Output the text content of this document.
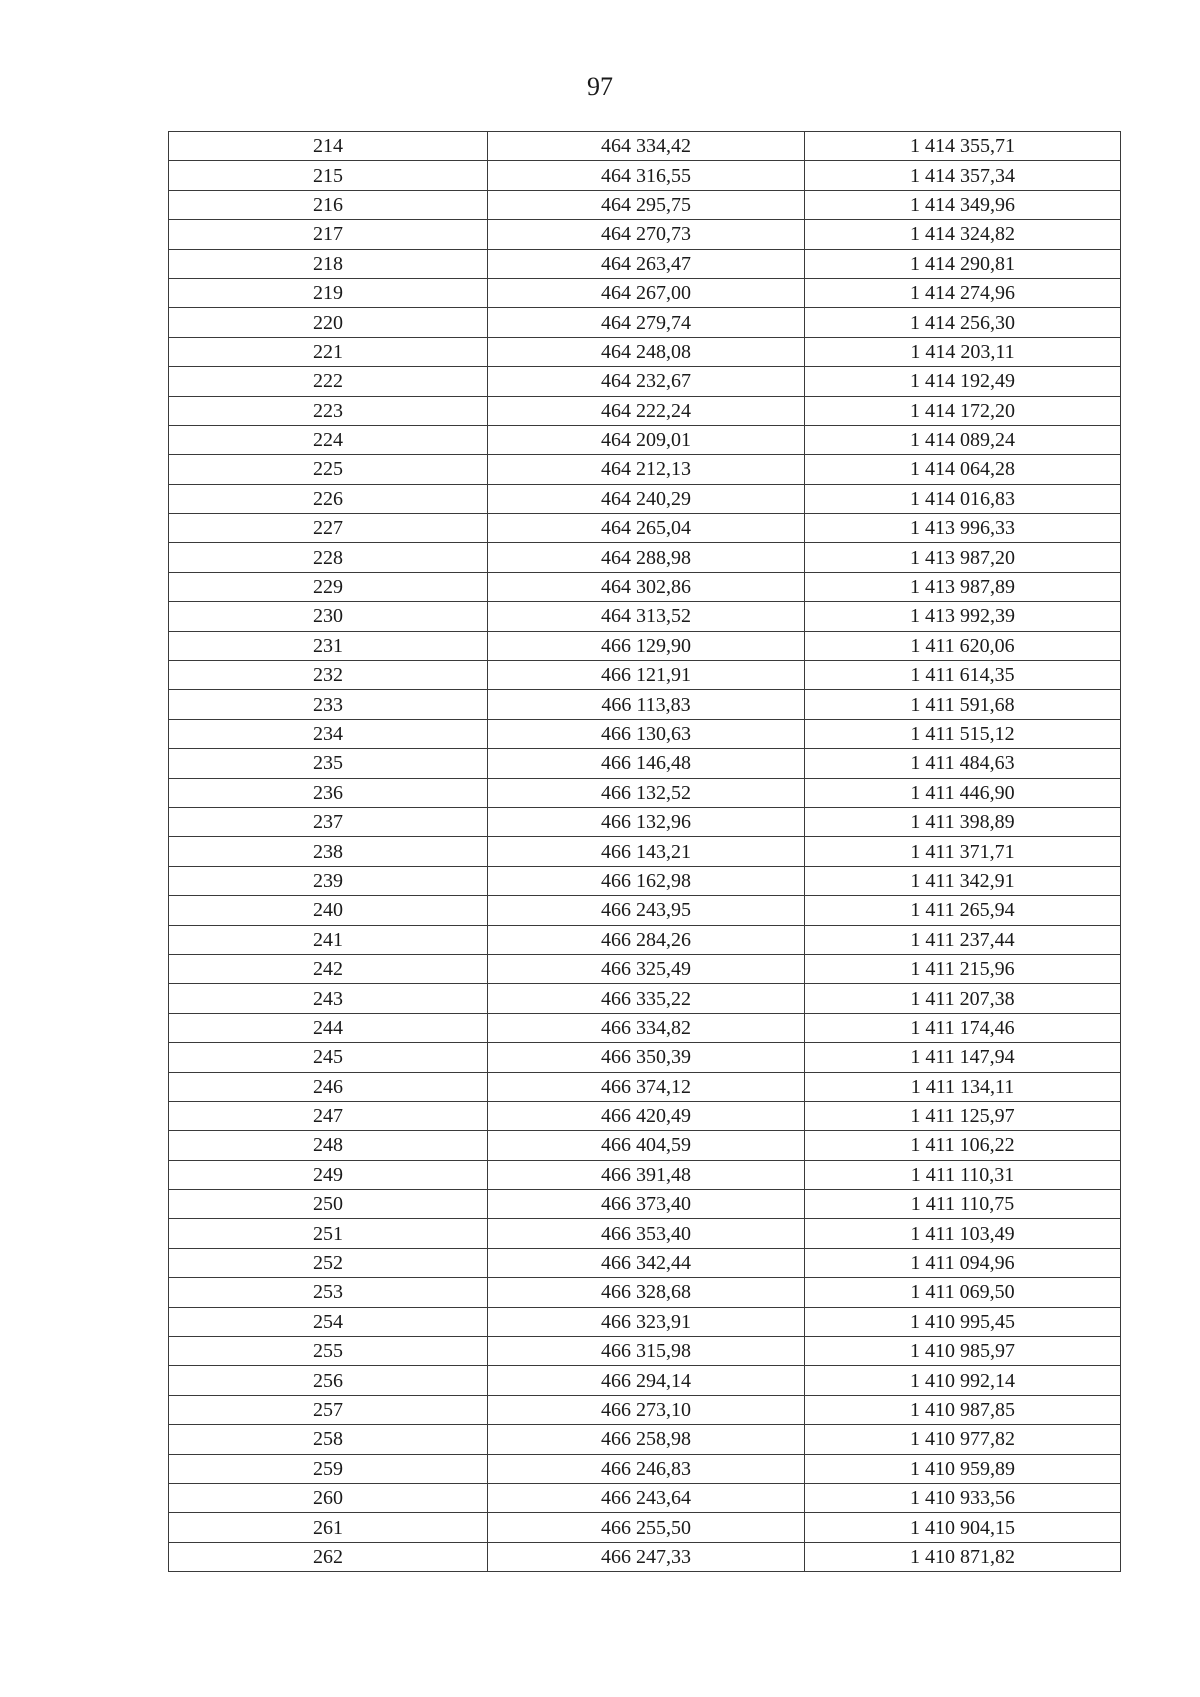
97
214	464 334,42	1 414 355,71
215	464 316,55	1 414 357,34
216	464 295,75	1 414 349,96
217	464 270,73	1 414 324,82
218	464 263,47	1 414 290,81
219	464 267,00	1 414 274,96
220	464 279,74	1 414 256,30
221	464 248,08	1 414 203,11
222	464 232,67	1 414 192,49
223	464 222,24	1 414 172,20
224	464 209,01	1 414 089,24
225	464 212,13	1 414 064,28
226	464 240,29	1 414 016,83
227	464 265,04	1 413 996,33
228	464 288,98	1 413 987,20
229	464 302,86	1 413 987,89
230	464 313,52	1 413 992,39
231	466 129,90	1 411 620,06
232	466 121,91	1 411 614,35
233	466 113,83	1 411 591,68
234	466 130,63	1 411 515,12
235	466 146,48	1 411 484,63
236	466 132,52	1 411 446,90
237	466 132,96	1 411 398,89
238	466 143,21	1 411 371,71
239	466 162,98	1 411 342,91
240	466 243,95	1 411 265,94
241	466 284,26	1 411 237,44
242	466 325,49	1 411 215,96
243	466 335,22	1 411 207,38
244	466 334,82	1 411 174,46
245	466 350,39	1 411 147,94
246	466 374,12	1 411 134,11
247	466 420,49	1 411 125,97
248	466 404,59	1 411 106,22
249	466 391,48	1 411 110,31
250	466 373,40	1 411 110,75
251	466 353,40	1 411 103,49
252	466 342,44	1 411 094,96
253	466 328,68	1 411 069,50
254	466 323,91	1 410 995,45
255	466 315,98	1 410 985,97
256	466 294,14	1 410 992,14
257	466 273,10	1 410 987,85
258	466 258,98	1 410 977,82
259	466 246,83	1 410 959,89
260	466 243,64	1 410 933,56
261	466 255,50	1 410 904,15
262	466 247,33	1 410 871,82
